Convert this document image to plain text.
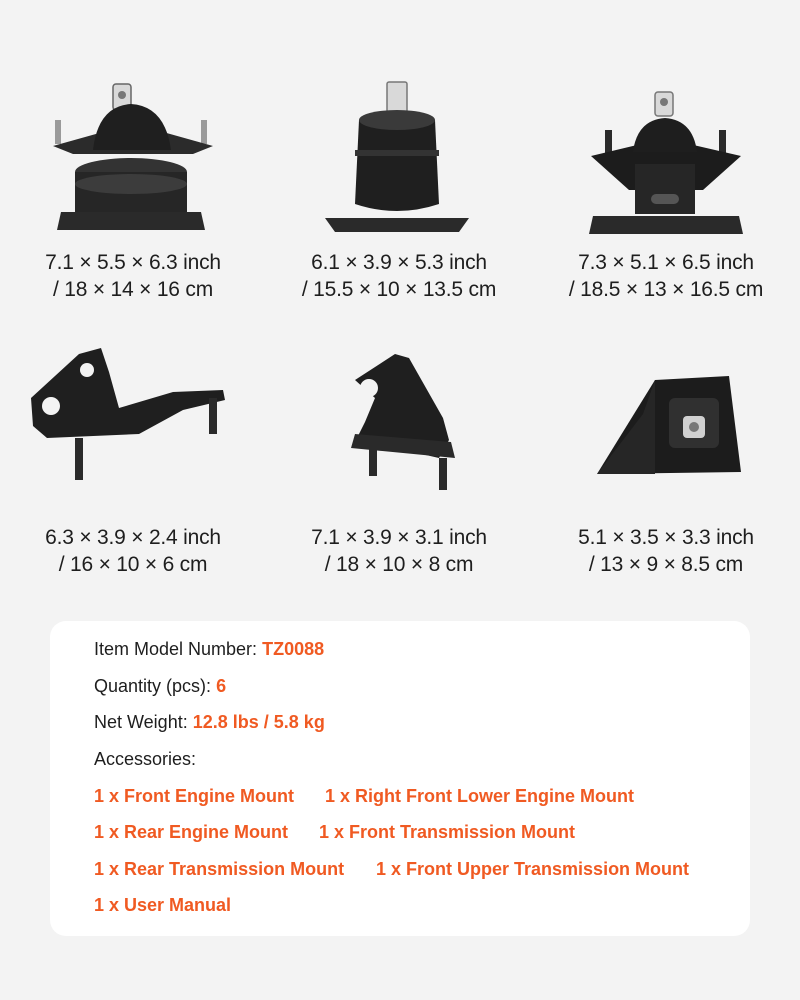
7.1 × 5.5 × 6.3 inch
/ 18 × 14 × 16 cm
6.1 × 3.9 × 5.3 inch
/ 15.5 × 10 × 13.5 cm
7.3 × 5.1 × 6.5 inch
/ 18.5 × 13 × 16.5 cm
6.3 × 3.9 × 2.4 inch
/ 16 × 10 × 6 cm
7.1 × 3.9 × 3.1 inch
/ 18 × 10 × 8 cm
5.1 × 3.5 × 3.3 inch
/ 13 × 9 × 8.5 cm
Item Model Number: TZ0088
Quantity (pcs): 6
Net Weight: 12.8 lbs / 5.8 kg
Accessories:
1 x Front Engine Mount 1 x Right Front Lower Engine Mount
1 x Rear Engine Mount 1 x Front Transmission Mount
1 x Rear Transmission Mount 1 x Front Upper Transmission Mount
1 x User Manual
